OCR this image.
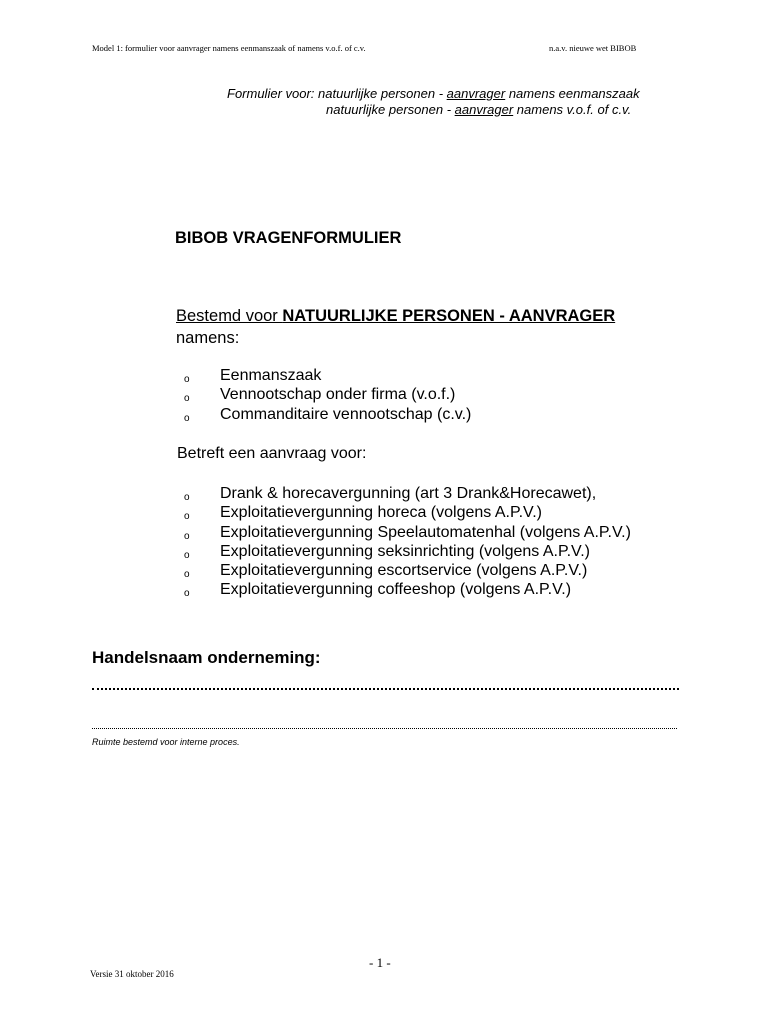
Model 1: formulier voor aanvrager namens eenmanszaak of namens v.o.f. of c.v.	n.a.v. nieuwe wet BIBOB
Formulier voor: natuurlijke personen - aanvrager namens eenmanszaak
natuurlijke personen - aanvrager namens v.o.f. of c.v.
BIBOB VRAGENFORMULIER
Bestemd voor NATUURLIJKE PERSONEN - AANVRAGER
namens:
o Eenmanszaak
o Vennootschap onder firma (v.o.f.)
o Commanditaire vennootschap (c.v.)
Betreft een aanvraag voor:
o Drank & horecavergunning (art 3 Drank&Horecawet),
o Exploitatievergunning horeca (volgens A.P.V.)
o Exploitatievergunning Speelautomatenhal (volgens A.P.V.)
o Exploitatievergunning seksinrichting (volgens A.P.V.)
o Exploitatievergunning escortservice (volgens A.P.V.)
o Exploitatievergunning coffeeshop (volgens A.P.V.)
Handelsnaam onderneming:
Ruimte bestemd voor interne proces.
- 1 -
Versie 31 oktober 2016
